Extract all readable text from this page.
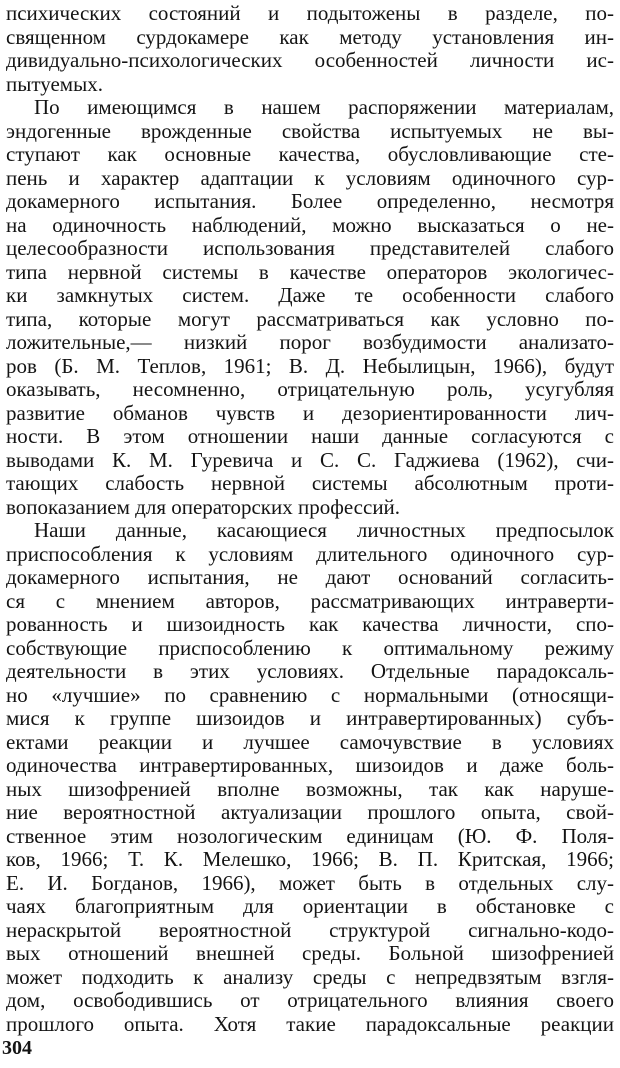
психических состояний и подытожены в разделе, по-
священном сурдокамере как методу установления ин-
дивидуально-психологических особенностей личности ис-
пытуемых.
По имеющимся в нашем распоряжении материалам,
эндогенные врожденные свойства испытуемых не вы-
ступают как основные качества, обусловливающие сте-
пень и характер адаптации к условиям одиночного сур-
докамерного испытания. Более определенно, несмотря
на одиночность наблюдений, можно высказаться о не-
целесообразности использования представителей слабого
типа нервной системы в качестве операторов экологичес-
ки замкнутых систем. Даже те особенности слабого
типа, которые могут рассматриваться как условно по-
ложительные,— низкий порог возбудимости анализато-
ров (Б. М. Теплов, 1961; В. Д. Небылицын, 1966), будут
оказывать, несомненно, отрицательную роль, усугубляя
развитие обманов чувств и дезориентированности лич-
ности. В этом отношении наши данные согласуются с
выводами К. М. Гуревича и С. С. Гаджиева (1962), счи-
тающих слабость нервной системы абсолютным проти-
вопоказанием для операторских профессий.
Наши данные, касающиеся личностных предпосылок
приспособления к условиям длительного одиночного сур-
докамерного испытания, не дают оснований согласить-
ся с мнением авторов, рассматривающих интраверти-
рованность и шизоидность как качества личности, спо-
собствующие приспособлению к оптимальному режиму
деятельности в этих условиях. Отдельные парадоксаль-
но «лучшие» по сравнению с нормальными (относящи-
мися к группе шизоидов и интравертированных) субъ-
ектами реакции и лучшее самочувствие в условиях
одиночества интравертированных, шизоидов и даже боль-
ных шизофренией вполне возможны, так как наруше-
ние вероятностной актуализации прошлого опыта, свой-
ственное этим нозологическим единицам (Ю. Ф. Поля-
ков, 1966; Т. К. Мелешко, 1966; В. П. Критская, 1966;
Е. И. Богданов, 1966), может быть в отдельных слу-
чаях благоприятным для ориентации в обстановке с
нераскрытой вероятностной структурой сигнально-кодо-
вых отношений внешней среды. Больной шизофренией
может подходить к анализу среды с непредвзятым взгля-
дом, освободившись от отрицательного влияния своего
прошлого опыта. Хотя такие парадоксальные реакции
304
